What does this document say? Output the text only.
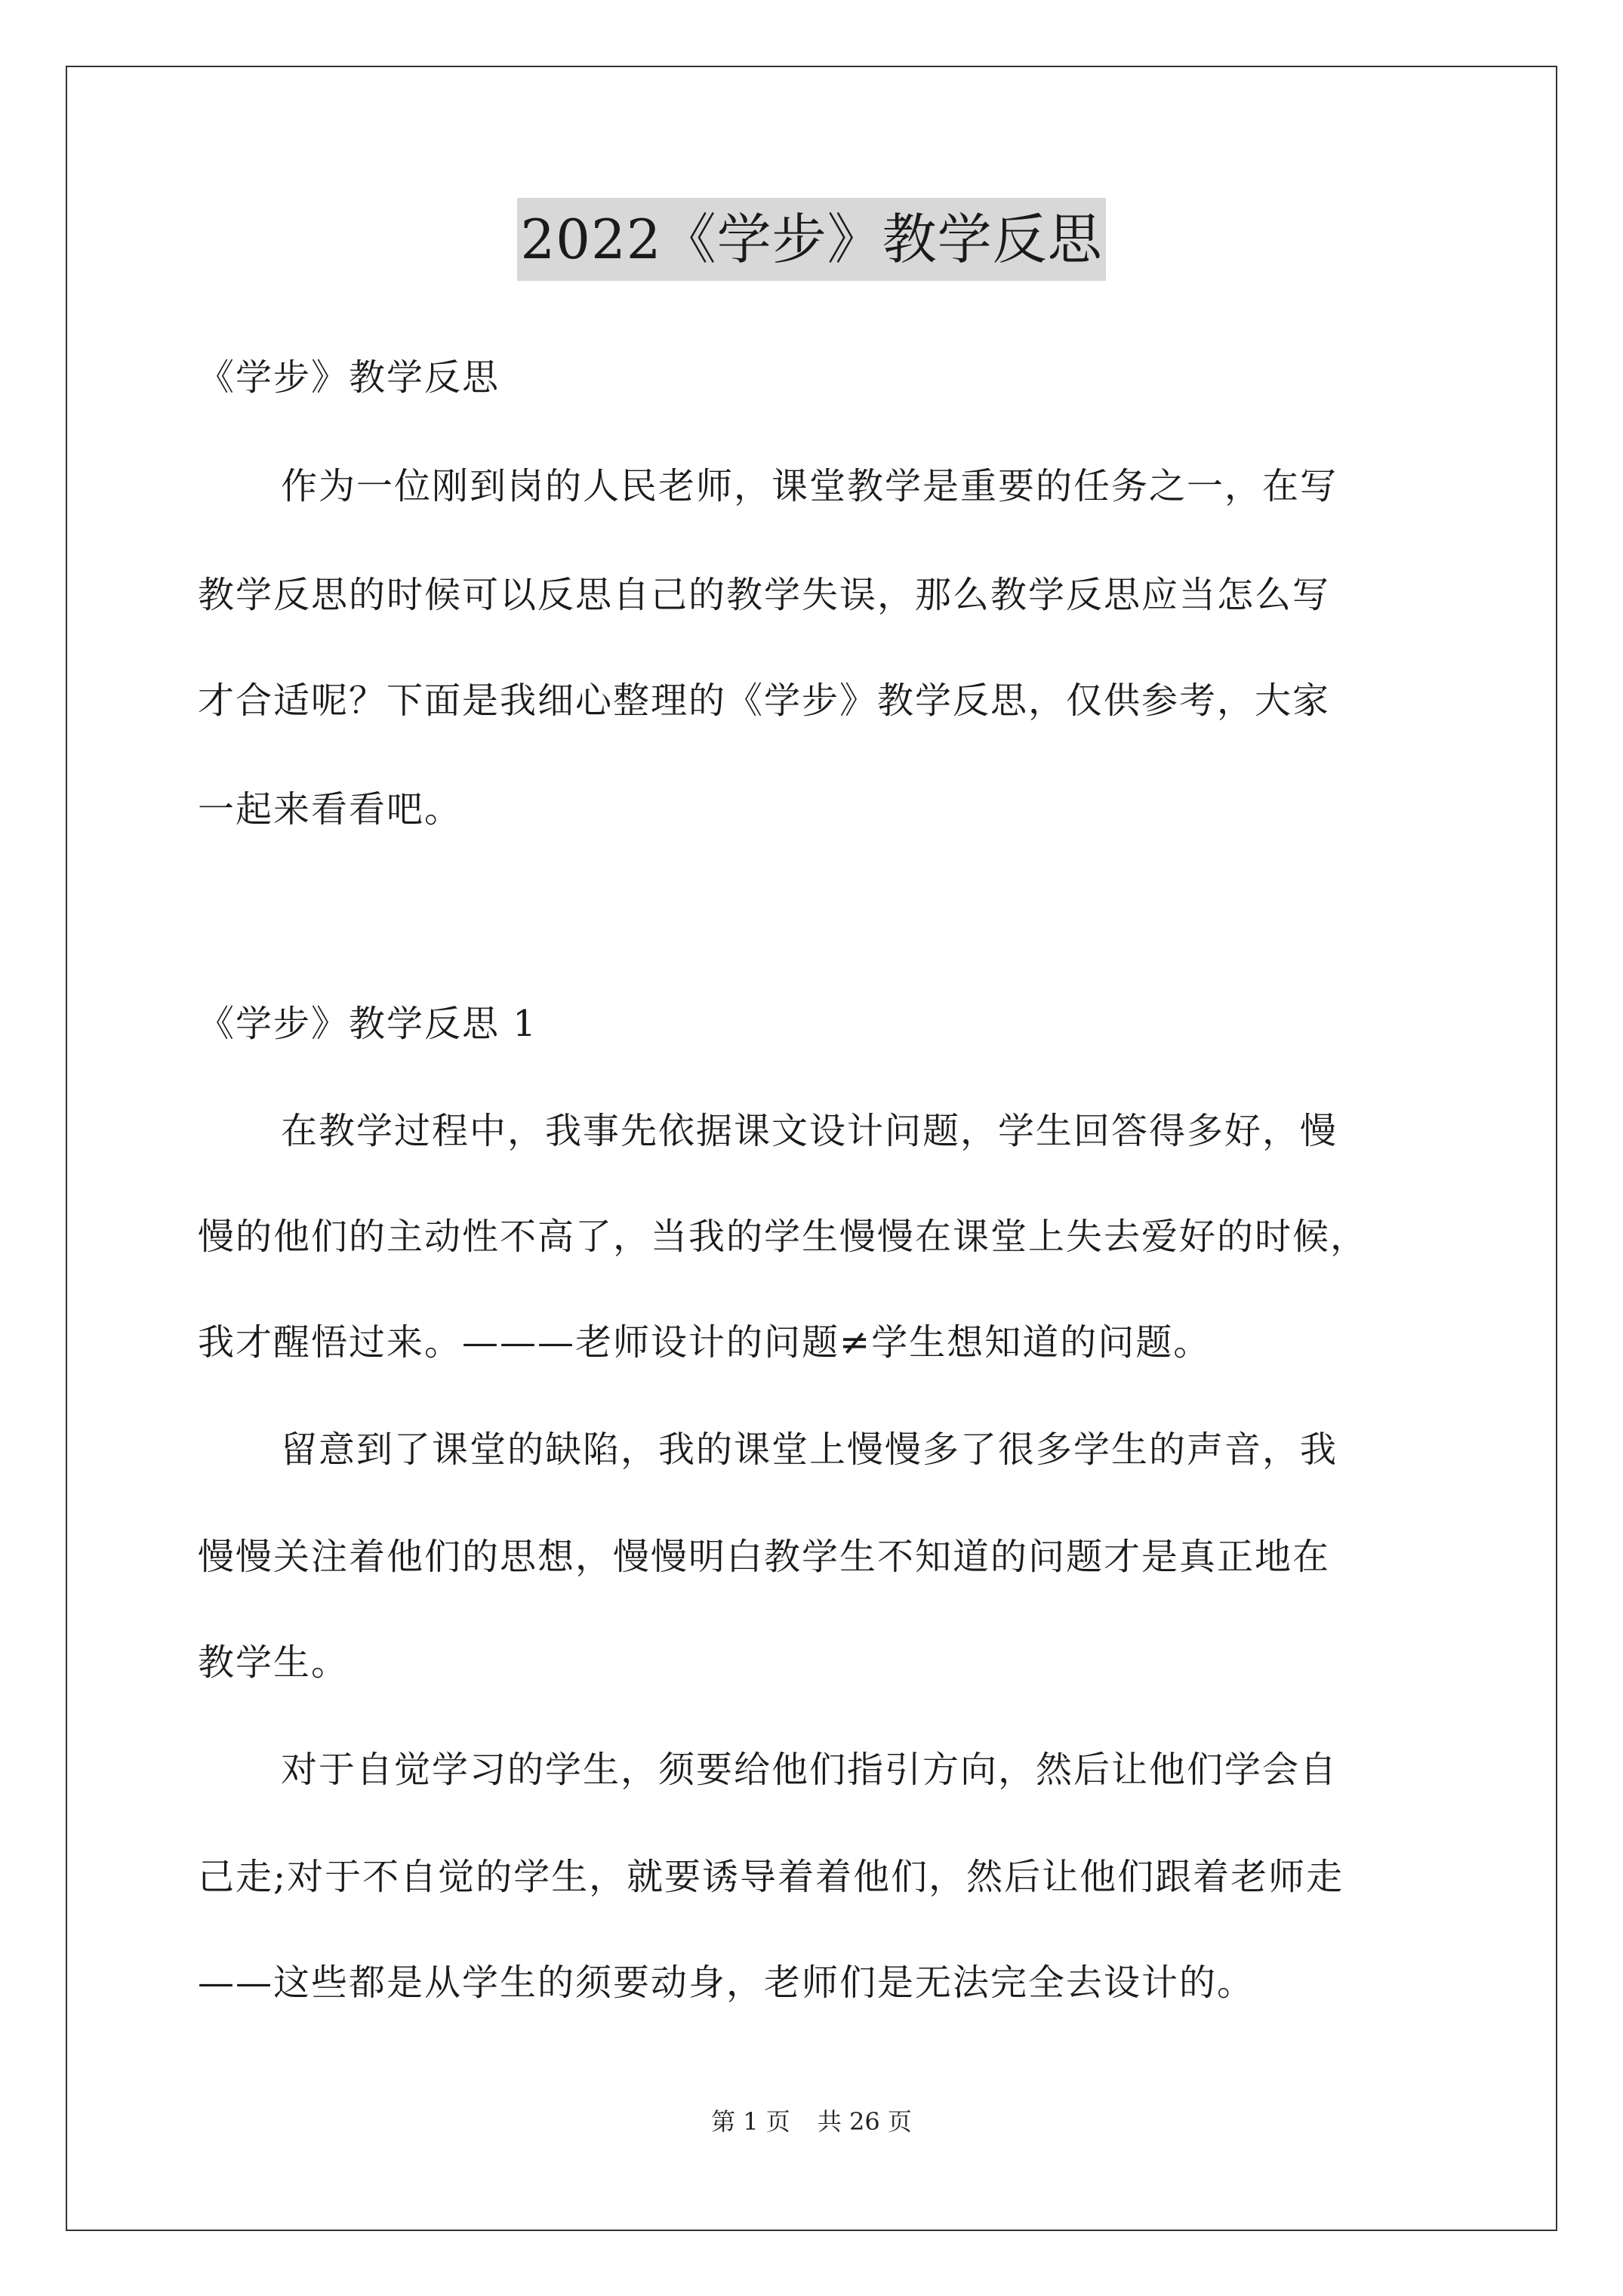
2022《学步》教学反思
《学步》教学反思
作为一位刚到岗的人民老师，课堂教学是重要的任务之一，在写
教学反思的时候可以反思自己的教学失误，那么教学反思应当怎么写
才合适呢？下面是我细心整理的《学步》教学反思，仅供参考，大家
一起来看看吧。
《学步》教学反思 1
在教学过程中，我事先依据课文设计问题，学生回答得多好，慢
慢的他们的主动性不高了，当我的学生慢慢在课堂上失去爱好的时候，
我才醒悟过来。———老师设计的问题≠学生想知道的问题。
留意到了课堂的缺陷，我的课堂上慢慢多了很多学生的声音，我
慢慢关注着他们的思想，慢慢明白教学生不知道的问题才是真正地在
教学生。
对于自觉学习的学生，须要给他们指引方向，然后让他们学会自
己走;对于不自觉的学生，就要诱导着着他们，然后让他们跟着老师走
——这些都是从学生的须要动身，老师们是无法完全去设计的。
第 1 页 共 26 页
